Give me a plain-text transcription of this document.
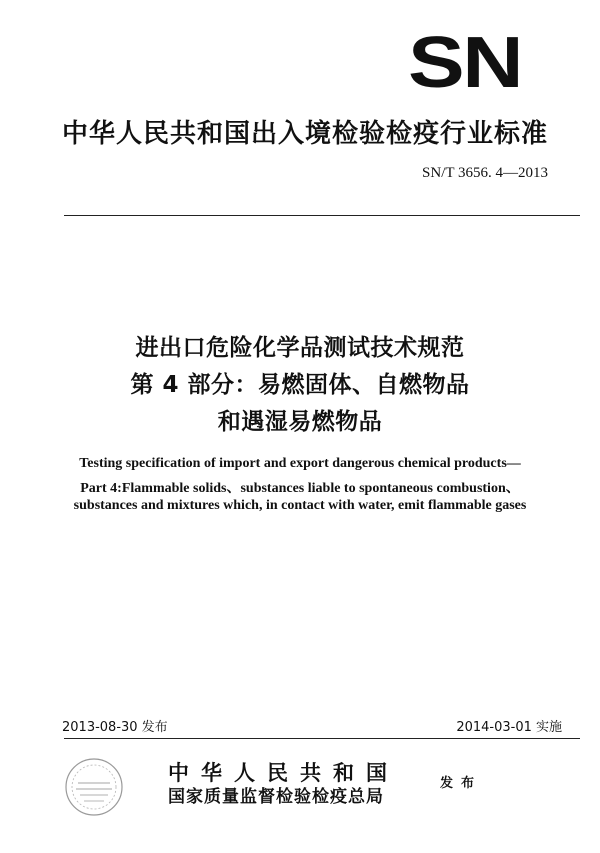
SN
中华人民共和国出入境检验检疫行业标准
SN/T 3656. 4—2013
进出口危险化学品测试技术规范
第 4 部分：易燃固体、自燃物品
和遇湿易燃物品
Testing specification of import and export dangerous chemical products—
Part 4:Flammable solids、substances liable to spontaneous combustion、
substances and mixtures which, in contact with water, emit flammable gases
2013-08-30 发布	2014-03-01 实施
中华人民共和国
国家质量监督检验检疫总局
发布
